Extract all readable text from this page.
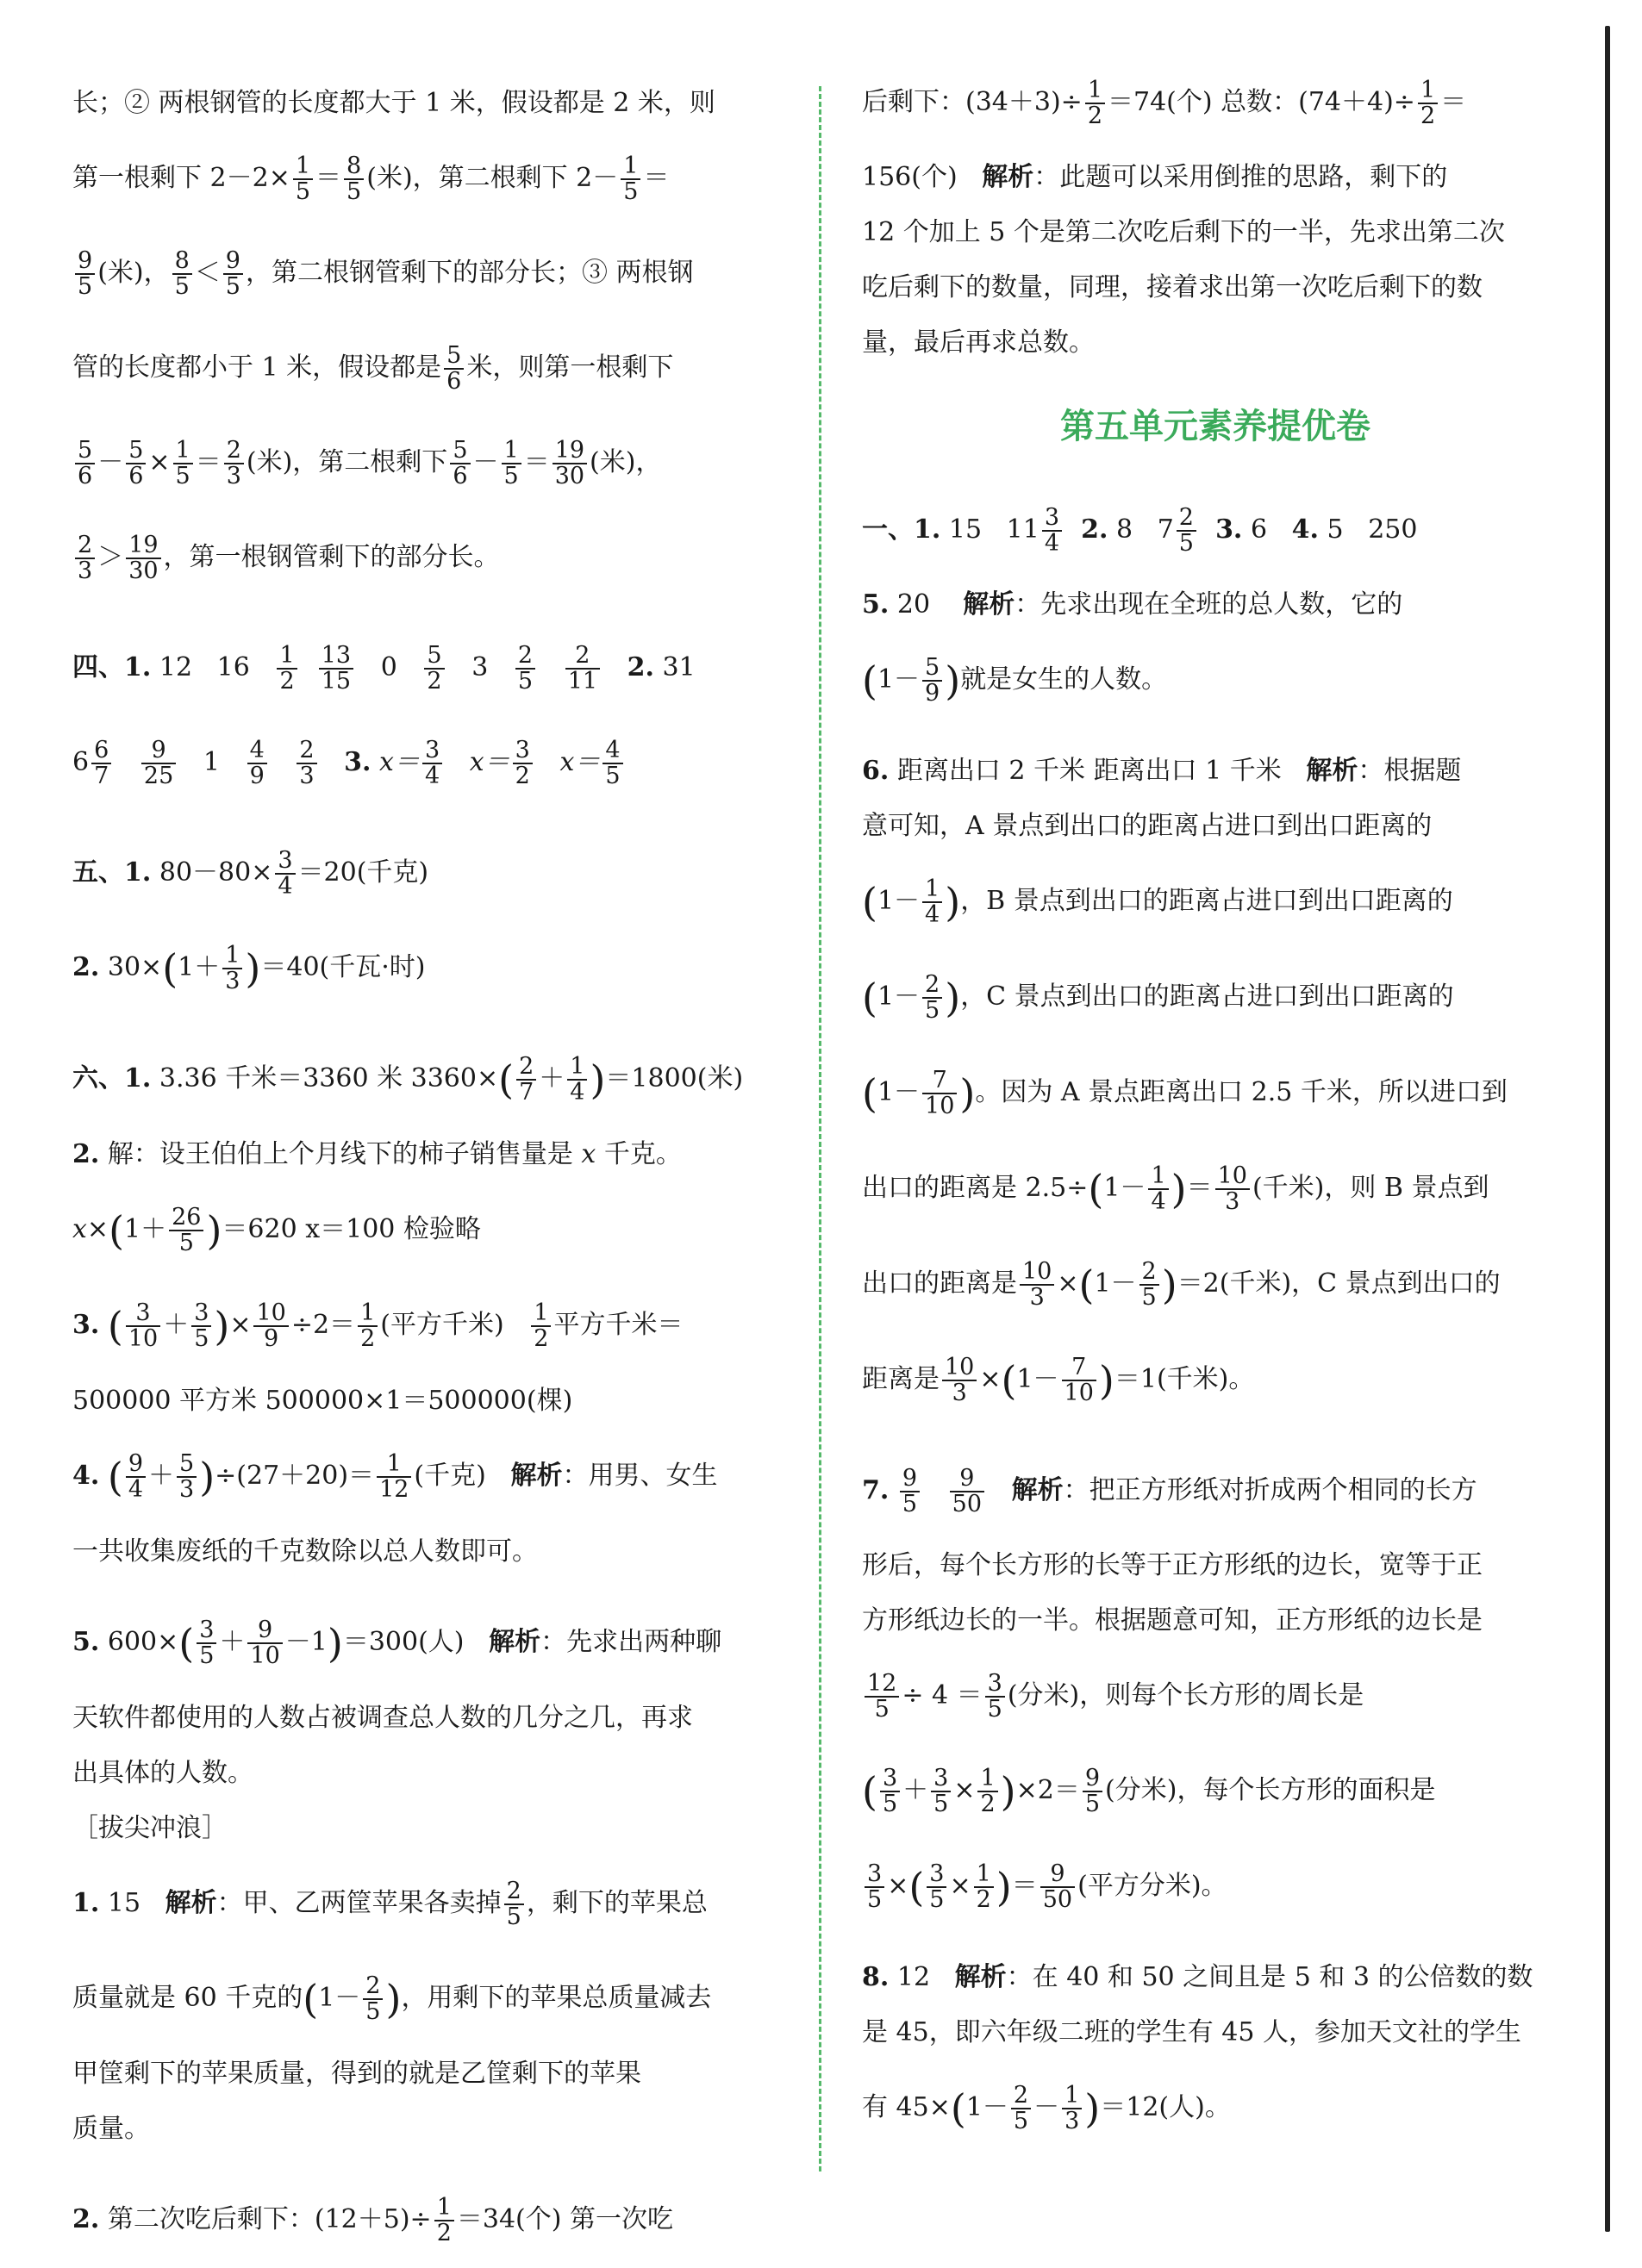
长；② 两根钢管的长度都大于 1 米，假设都是 2 米，则

第一根剩下 $2-2\times \frac{1}{5} = \frac{8}{5}$ (米)，第二根剩下 $2- \frac{1}{5}$ ＝

$\frac{9}{5}$ (米)， $\frac{8}{5} < \frac{9}{5}$ ，第二根钢管剩下的部分长；③ 两根钢

管的长度都小于 1 米，假设都是 $\frac{5}{6}$ 米，则第一根剩下

$\frac{5}{6} - \frac{5}{6} \times \frac{1}{5} = \frac{2}{3}$ (米)，第二根剩下 $\frac{5}{6} - \frac{1}{5} = \frac{19}{30}$ (米)，

$\frac{2}{3} > \frac{19}{30}$ ，第一根钢管剩下的部分长。

四、1. 12 $16 \frac{1}{2}$
$\frac{13}{15} 0 \frac{5}{2} 3 \frac{2}{5}$
$\frac{2}{11} 2$. 31

$6 \frac{6}{7}$
$\frac{9}{25} 1 \frac{4}{9}$
$\frac{2}{3} 3$. $x= \frac{3}{4} x= \frac{3}{2} x= \frac{4}{5}$

五、1. $80-80\times \frac{3}{4} =20$(千克)

2. $30\times(1+ \frac{1}{3} )=40$(千瓦·时)

六、1. 3.36 千米＝3360 米 $3360\times( \frac{2}{7} + \frac{1}{4} )=1800$(米)

2. 解：设王伯伯上个月线下的柿子销售量是 x 千克。

$x\times(1+ \frac{26}{5} )=620$ x＝100 检验略

3. ( $\frac{3}{10} + \frac{3}{5}$ )× $\frac{10}{9} \div 2= \frac{1}{2}$ (平方千米) $\frac{1}{2}$ 平方千米＝

500000 平方米 500000×1＝500000(棵)

4. ( $\frac{9}{4} + \frac{5}{3} )\div(27+20)= \frac{1}{12}$ (千克) 解析：用男、女生

一共收集废纸的千克数除以总人数即可。

5. $600\times( \frac{3}{5} + \frac{9}{10} -1)=300$(人) 解析：先求出两种聊

天软件都使用的人数占被调查总人数的几分之几，再求

出具体的人数。

［拔尖冲浪］

1. 15 解析：甲、乙两筐苹果各卖掉 $\frac{2}{5}$ ，剩下的苹果总

质量就是 60 千克的($1- \frac{2}{5}$ )，用剩下的苹果总质量减去

甲筐剩下的苹果质量，得到的就是乙筐剩下的苹果

质量。

2. 第二次吃后剩下：$(12+5)\div \frac{1}{2} =34$(个) 第一次吃

后剩下：$(34+3)\div \frac{1}{2} =74$(个) 总数：$(74+4)\div \frac{1}{2}$ ＝

156(个) 解析：此题可以采用倒推的思路，剩下的

12 个加上 5 个是第二次吃后剩下的一半，先求出第二次

吃后剩下的数量，同理，接着求出第一次吃后剩下的数

量，最后再求总数。

第五单元素养提优卷

一、1. 15 $11 \frac{3}{4} 2$. 8 $7 \frac{2}{5} 3$. 6 4. 5 250

5. 20 解析：先求出现在全班的总人数，它的

($1- \frac{5}{9}$ )就是女生的人数。

6. 距离出口 2 千米 距离出口 1 千米 解析：根据题

意可知，A 景点到出口的距离占进口到出口距离的

($1- \frac{1}{4}$ )，B 景点到出口的距离占进口到出口距离的

($1- \frac{2}{5}$ )，C 景点到出口的距离占进口到出口距离的

($1- \frac{7}{10}$ )。因为 A 景点距离出口 2.5 千米，所以进口到

出口的距离是 $2.5\div(1- \frac{1}{4}$ )＝ $\frac{10}{3}$ (千米)，则 B 景点到

出口的距离是 $\frac{10}{3} \times(1- \frac{2}{5} )=2$(千米)，C 景点到出口的

距离是 $\frac{10}{3} \times(1- \frac{7}{10} )=1$(千米)。

7. $\frac{9}{5}$
$\frac{9}{50}$ 解析：把正方形纸对折成两个相同的长方

形后，每个长方形的长等于正方形纸的边长，宽等于正

方形纸边长的一半。根据题意可知，正方形纸的边长是

$\frac{12}{5} \div 4 = \frac{3}{5}$ (分米)，则每个长方形的周长是

( $\frac{3}{5} + \frac{3}{5} \times \frac{1}{2} )\times 2= \frac{9}{5}$ (分米)，每个长方形的面积是

$\frac{3}{5}$ ×( $\frac{3}{5} \times \frac{1}{2}$ )＝ $\frac{9}{50}$ (平方分米)。

8. 12 解析：在 40 和 50 之间且是 5 和 3 的公倍数的数

是 45，即六年级二班的学生有 45 人，参加天文社的学生

有 $45\times(1- \frac{2}{5} - \frac{1}{3} )=12$(人)。
